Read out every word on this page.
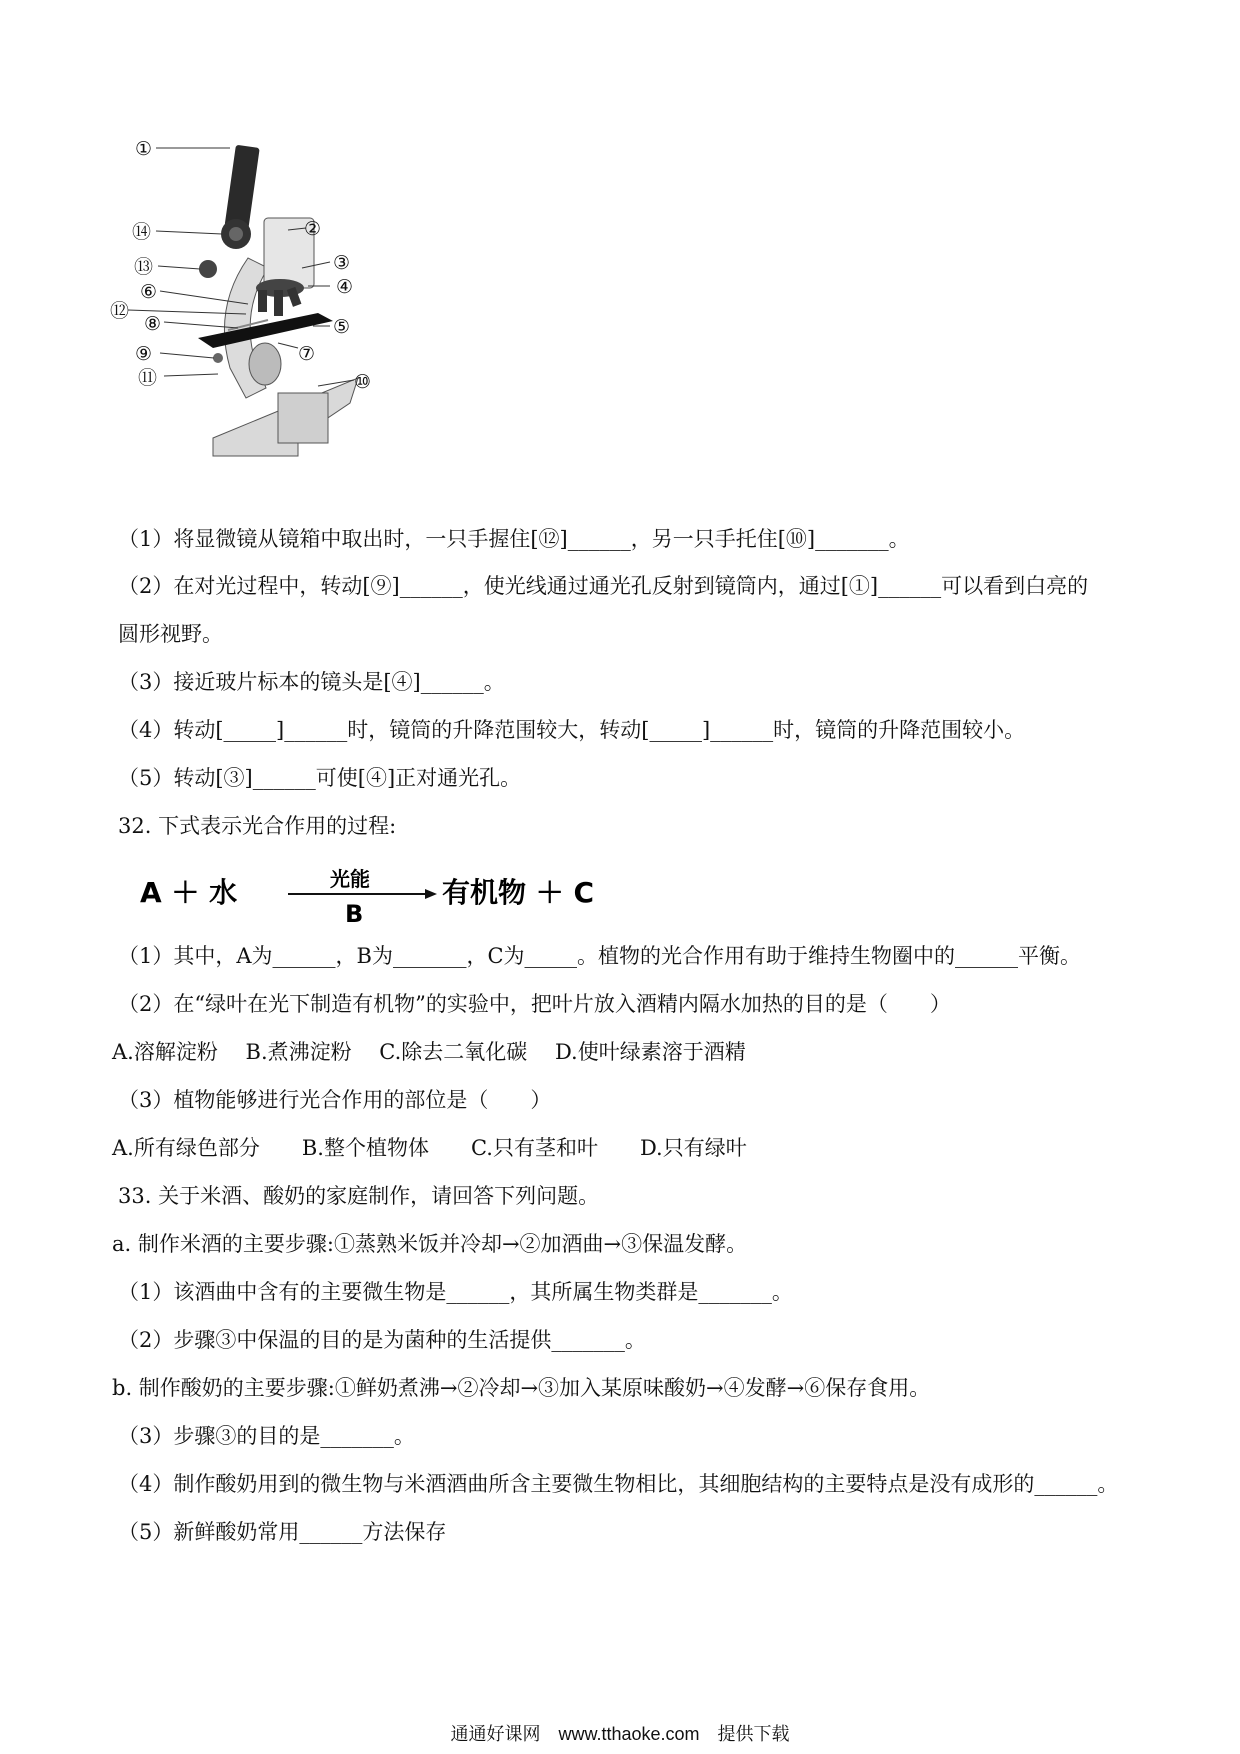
①
②
③
④
⑤
⑥
⑦
⑧
⑨
⑩
⑪
⑫
⑬
⑭
（1）将显微镜从镜箱中取出时，一只手握住[⑫]______，另一只手托住[⑩]_______。
（2）在对光过程中，转动[⑨]______，使光线通过通光孔反射到镜筒内，通过[①]______可以看到白亮的
圆形视野。
（3）接近玻片标本的镜头是[④]______。
（4）转动[_____]______时，镜筒的升降范围较大，转动[_____]______时，镜筒的升降范围较小。
（5）转动[③]______可使[④]正对通光孔。
32. 下式表示光合作用的过程:
A ＋ 水	光能
B
有机物 ＋ C
（1）其中，A为______，B为_______，C为_____。植物的光合作用有助于维持生物圈中的______平衡。
（2）在“绿叶在光下制造有机物”的实验中，把叶片放入酒精内隔水加热的目的是（　　）
A.溶解淀粉　 B.煮沸淀粉　 C.除去二氧化碳　 D.使叶绿素溶于酒精
（3）植物能够进行光合作用的部位是（　　）
A.所有绿色部分　　B.整个植物体　　C.只有茎和叶　　D.只有绿叶
33. 关于米酒、酸奶的家庭制作，请回答下列问题。
a. 制作米酒的主要步骤:①蒸熟米饭并冷却→②加酒曲→③保温发酵。
（1）该酒曲中含有的主要微生物是______，其所属生物类群是_______。
（2）步骤③中保温的目的是为菌种的生活提供_______。
b. 制作酸奶的主要步骤:①鲜奶煮沸→②冷却→③加入某原味酸奶→④发酵→⑥保存食用。
（3）步骤③的目的是_______。
（4）制作酸奶用到的微生物与米酒酒曲所含主要微生物相比，其细胞结构的主要特点是没有成形的______。
（5）新鲜酸奶常用______方法保存
通通好课网　www.tthaoke.com　提供下载
